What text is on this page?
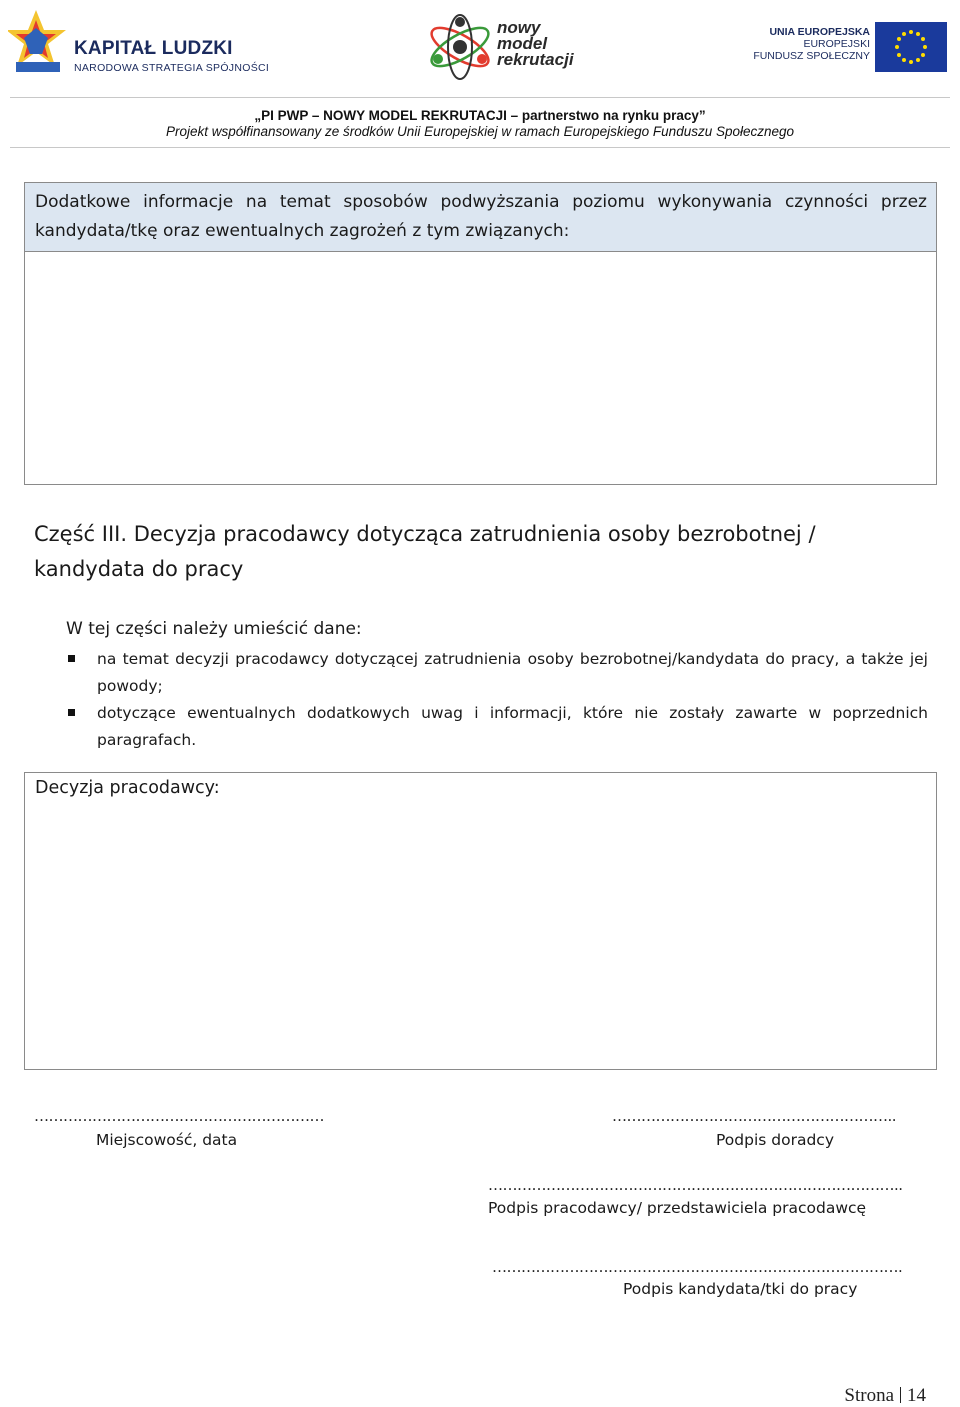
KAPITAŁ LUDZKI
NARODOWA STRATEGIA SPÓJNOŚCI
nowy
model
rekrutacji
UNIA EUROPEJSKA
EUROPEJSKI
FUNDUSZ SPOŁECZNY
„PI PWP – NOWY MODEL REKRUTACJI – partnerstwo na rynku pracy”
Projekt współfinansowany ze środków Unii Europejskiej w ramach Europejskiego Funduszu Społecznego
Dodatkowe informacje na temat sposobów podwyższania poziomu wykonywania czynności przez kandydata/tkę oraz ewentualnych zagrożeń z tym związanych:
Część III. Decyzja pracodawcy dotycząca zatrudnienia osoby bezrobotnej / kandydata do pracy
W tej części należy umieścić dane:
na temat decyzji pracodawcy dotyczącej zatrudnienia osoby bezrobotnej/kandydata do pracy, a także jej powody;
dotyczące ewentualnych dodatkowych uwag i informacji, które nie zostały zawarte w poprzednich paragrafach.
Decyzja pracodawcy:
……………………………………………………
Miejscowość, data
…………………………………………………..
Podpis doradcy
…………………………………………………………………………..
Podpis pracodawcy/ przedstawiciela pracodawcę
………………………………………………………………………….
Podpis kandydata/tki do pracy
Strona 14
